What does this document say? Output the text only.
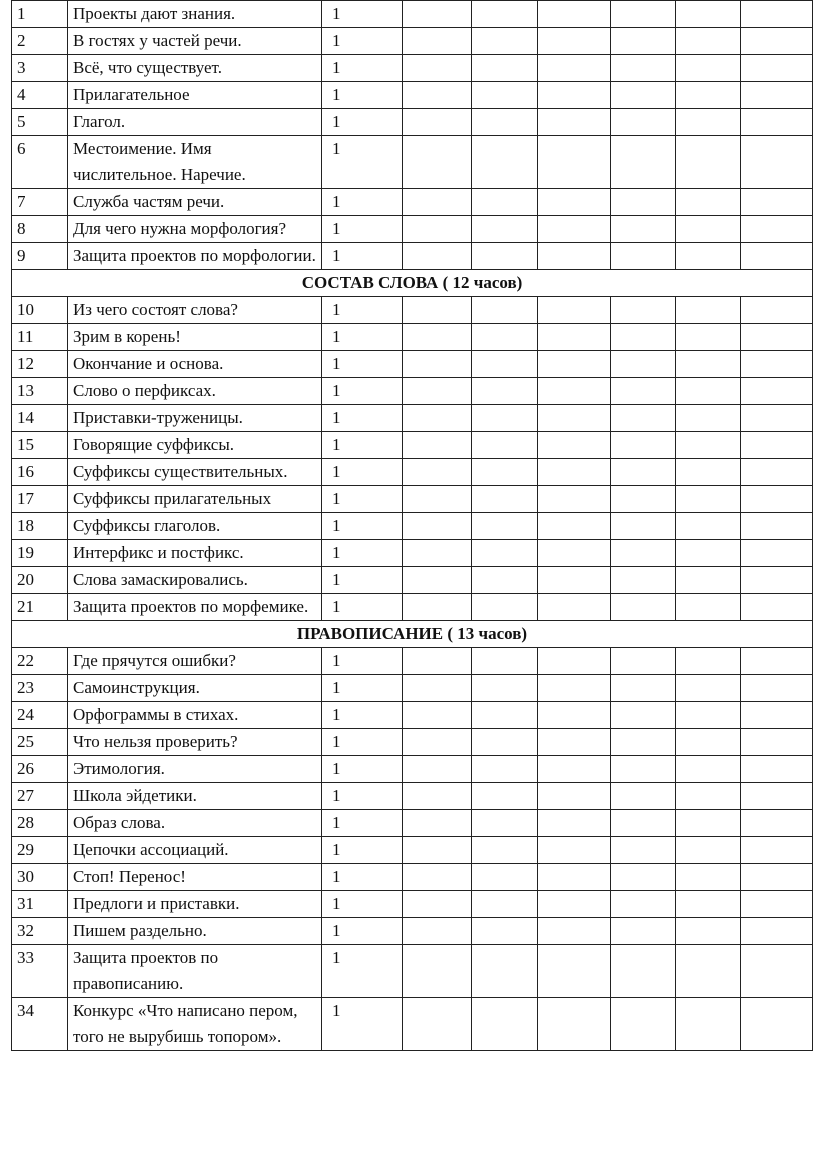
1	Проекты дают знания.	1						
2	В гостях у частей речи.	1						
3	Всё, что существует.	1						
4	Прилагательное	1						
5	Глагол.	1						
6	Местоимение. Имя числительное. Наречие.	1						
7	Служба частям речи.	1						
8	Для чего нужна морфология?	1						
9	Защита проектов по морфологии.	1						
СОСТАВ СЛОВА ( 12 часов)								
10	Из чего состоят слова?	1						
11	Зрим в корень!	1						
12	Окончание и основа.	1						
13	Слово о перфиксах.	1						
14	Приставки-труженицы.	1						
15	Говорящие суффиксы.	1						
16	Суффиксы существительных.	1						
17	Суффиксы прилагательных	1						
18	Суффиксы глаголов.	1						
19	Интерфикс и постфикс.	1						
20	Слова замаскировались.	1						
21	Защита проектов по морфемике.	1						
ПРАВОПИСАНИЕ ( 13 часов)								
22	Где прячутся ошибки?	1						
23	Самоинструкция.	1						
24	Орфограммы в стихах.	1						
25	Что нельзя проверить?	1						
26	Этимология.	1						
27	Школа эйдетики.	1						
28	Образ слова.	1						
29	Цепочки ассоциаций.	1						
30	Стоп! Перенос!	1						
31	Предлоги и приставки.	1						
32	Пишем раздельно.	1						
33	Защита проектов по правописанию.	1						
34	Конкурс «Что написано пером, того не вырубишь топором».	1						
